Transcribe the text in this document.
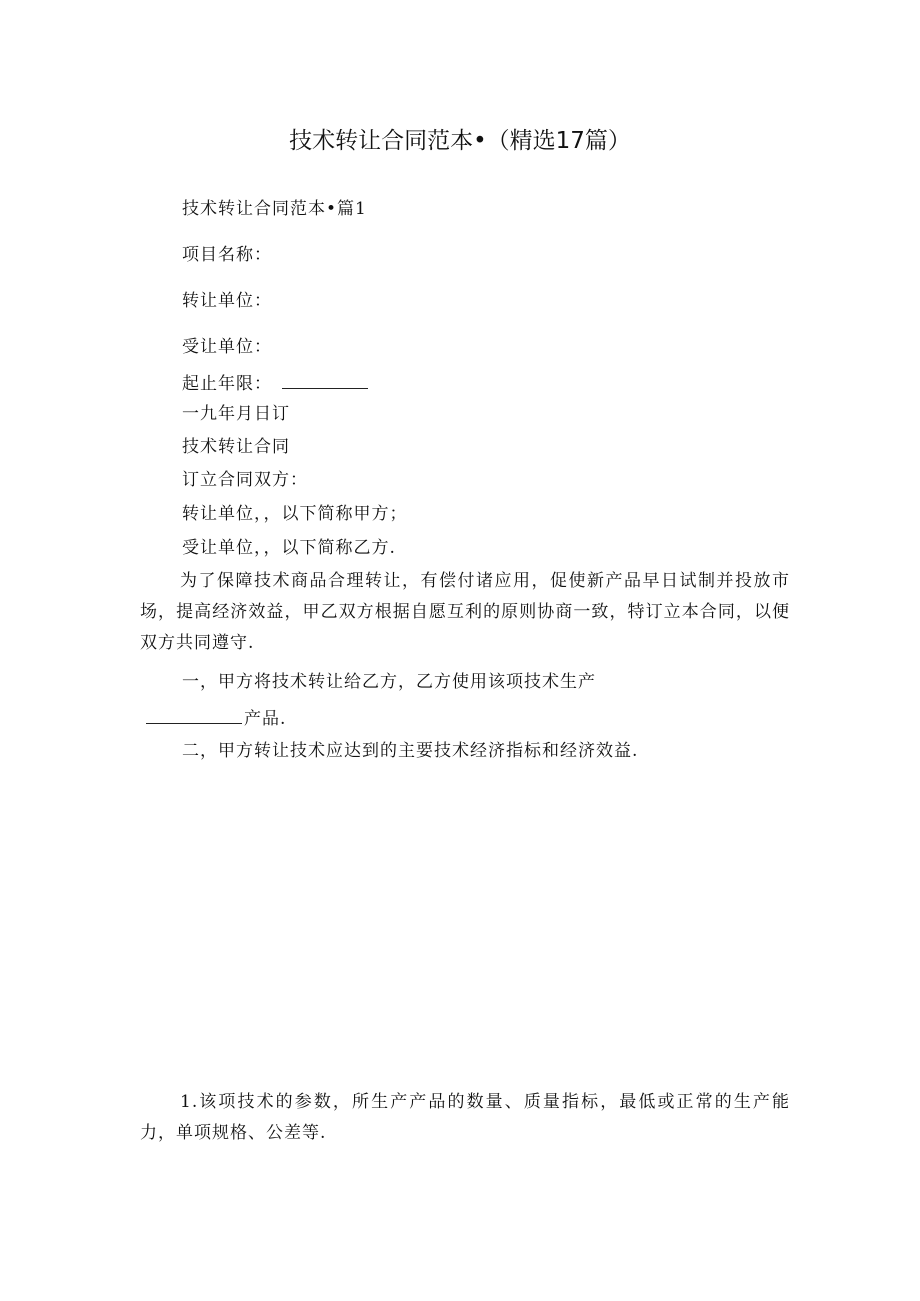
技术转让合同范本•（精选17篇）
技术转让合同范本•篇1
项目名称：
转让单位：
受让单位：
起止年限：
一九年月日订
技术转让合同
订立合同双方：
转让单位，，以下简称甲方；
受让单位，，以下简称乙方.
为了保障技术商品合理转让，有偿付诸应用，促使新产品早日试制并投放市场，提高经济效益，甲乙双方根据自愿互利的原则协商一致，特订立本合同，以便双方共同遵守.
一，甲方将技术转让给乙方，乙方使用该项技术生产
产品.
二，甲方转让技术应达到的主要技术经济指标和经济效益.
1.该项技术的参数，所生产产品的数量、质量指标，最低或正常的生产能力，单项规格、公差等.
